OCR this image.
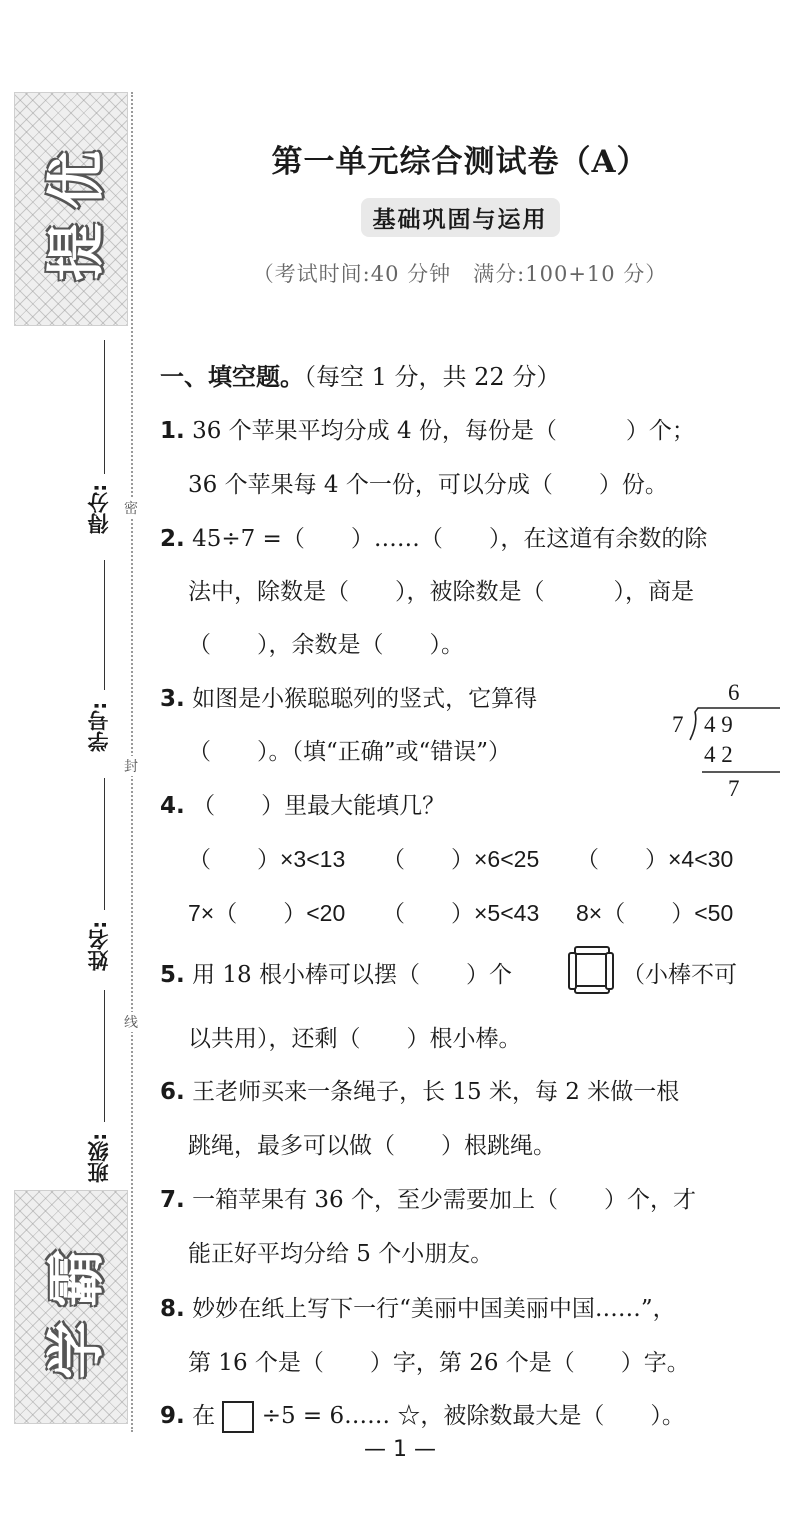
提优
学霸
密
封
线
得分:
学号:
姓名:
班级:
第一单元综合测试卷（A）
基础巩固与运用
（考试时间:40 分钟　满分:100+10 分）
一、填空题。（每空 1 分，共 22 分）
1. 36 个苹果平均分成 4 份，每份是（　　　）个；
36 个苹果每 4 个一份，可以分成（　　）份。
2. 45÷7 =（　　）……（　　），在这道有余数的除
法中，除数是（　　），被除数是（　　　），商是
（　　），余数是（　　）。
3. 如图是小猴聪聪列的竖式，它算得
（　　）。（填“正确”或“错误”）
6
7 4 9
4 2
7
4. （　　）里最大能填几？
（　　）×3<13 （　　）×6<25 （　　）×4<30
7×（　　）<20 （　　）×5<43 8×（　　）<50
5. 用 18 根小棒可以摆（　　）个	（小棒不可
以共用），还剩（　　）根小棒。
6. 王老师买来一条绳子，长 15 米，每 2 米做一根
跳绳，最多可以做（　　）根跳绳。
7. 一箱苹果有 36 个，至少需要加上（　　）个，才
能正好平均分给 5 个小朋友。
8. 妙妙在纸上写下一行“美丽中国美丽中国……”，
第 16 个是（　　）字，第 26 个是（　　）字。
9. 在 ÷5 = 6…… ☆，被除数最大是（　　）。
— 1 —
